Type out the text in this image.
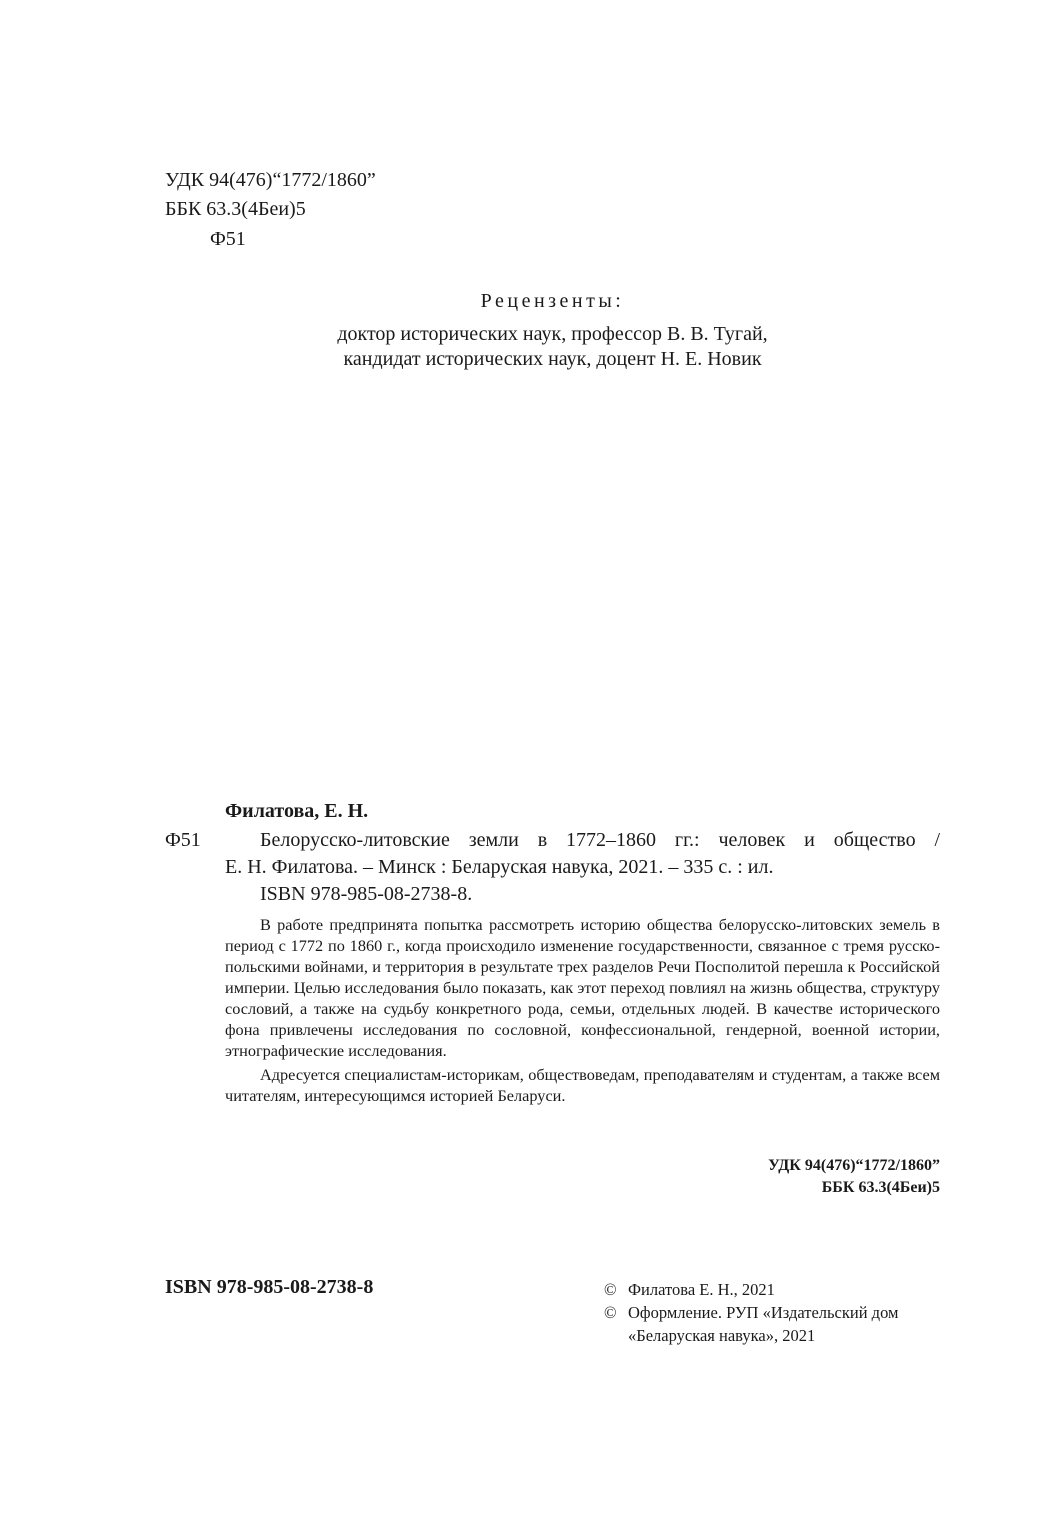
УДК 94(476)“1772/1860”
ББК 63.3(4Беи)5
Ф51
Рецензенты:
доктор исторических наук, профессор В. В. Тугай,
кандидат исторических наук, доцент Н. Е. Новик
Филатова, Е. Н.
Ф51	Белорусско-литовские земли в 1772–1860 гг.: человек и общество /
Е. Н. Филатова. – Минск : Беларуская навука, 2021. – 335 с. : ил.
ISBN 978-985-08-2738-8.

В работе предпринята попытка рассмотреть историю общества белорусско-литовских земель в период с 1772 по 1860 г., когда происходило изменение государственности, связанное с тремя русско-польскими войнами, и территория в результате трех разделов Речи Посполитой перешла к Российской империи. Целью исследования было показать, как этот переход повлиял на жизнь общества, структуру сословий, а также на судьбу конкретного рода, семьи, отдельных людей. В качестве исторического фона привлечены исследования по сословной, конфессиональной, гендерной, военной истории, этнографические исследования.

Адресуется специалистам-историкам, обществоведам, преподавателям и студентам, а также всем читателям, интересующимся историей Беларуси.

УДК 94(476)“1772/1860”
ББК 63.3(4Беи)5
ISBN 978-985-08-2738-8	© Филатова Е. Н., 2021
© Оформление. РУП «Издательский дом
«Беларуская навука», 2021
